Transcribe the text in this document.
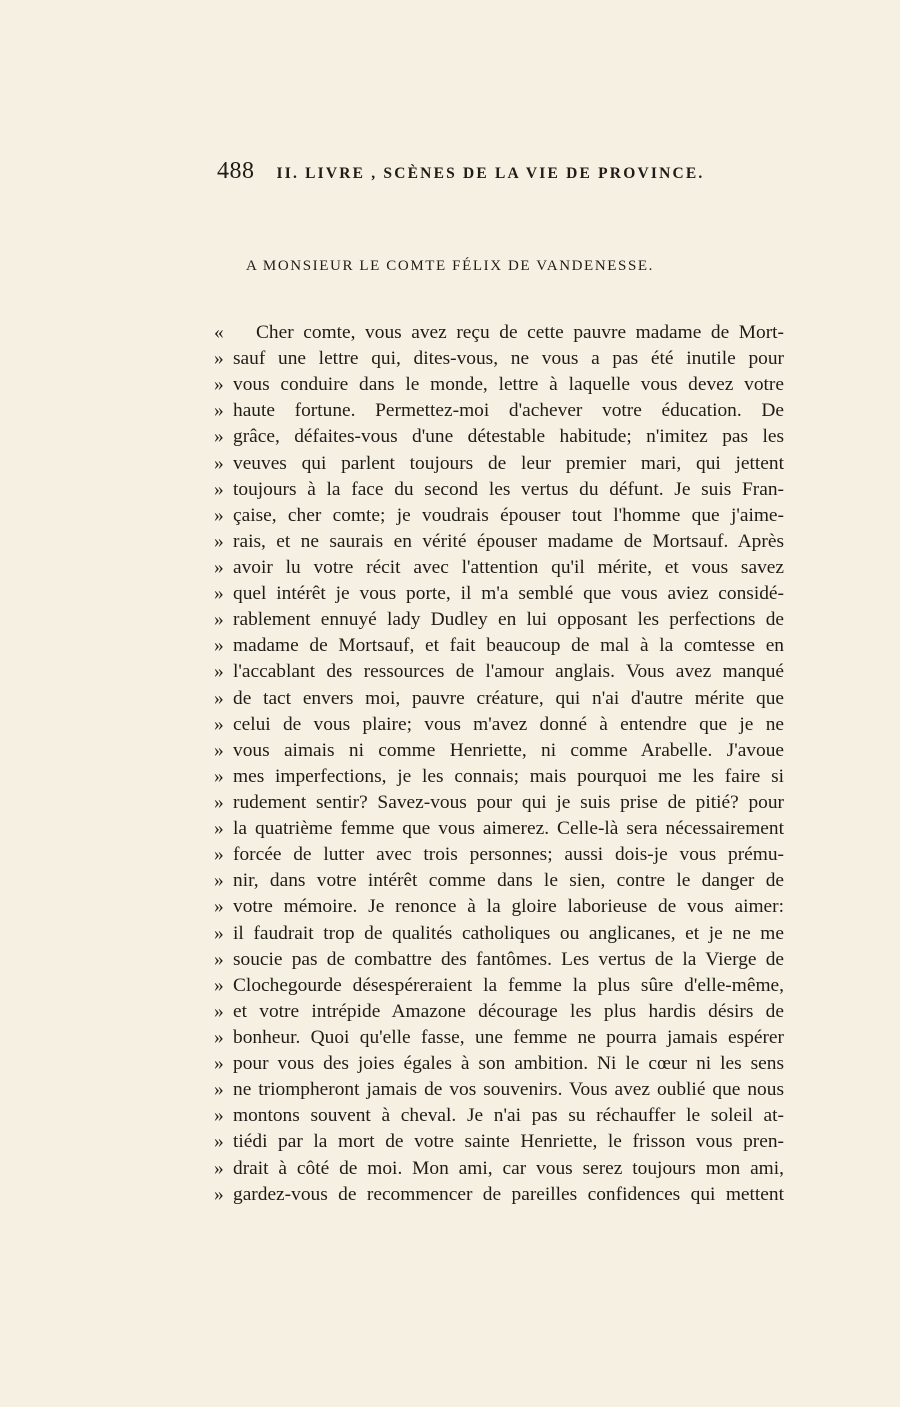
488 II. LIVRE , SCÈNES DE LA VIE DE PROVINCE.
A MONSIEUR LE COMTE FÉLIX DE VANDENESSE.
«	Cher comte, vous avez reçu de cette pauvre madame de Mort-
» sauf une lettre qui, dites-vous, ne vous a pas été inutile pour
» vous conduire dans le monde, lettre à laquelle vous devez votre
» haute fortune. Permettez-moi d'achever votre éducation. De
» grâce, défaites-vous d'une détestable habitude; n'imitez pas les
» veuves qui parlent toujours de leur premier mari, qui jettent
» toujours à la face du second les vertus du défunt. Je suis Fran-
» çaise, cher comte; je voudrais épouser tout l'homme que j'aime-
» rais, et ne saurais en vérité épouser madame de Mortsauf. Après
» avoir lu votre récit avec l'attention qu'il mérite, et vous savez
» quel intérêt je vous porte, il m'a semblé que vous aviez considé-
» rablement ennuyé lady Dudley en lui opposant les perfections de
» madame de Mortsauf, et fait beaucoup de mal à la comtesse en
» l'accablant des ressources de l'amour anglais. Vous avez manqué
» de tact envers moi, pauvre créature, qui n'ai d'autre mérite que
» celui de vous plaire; vous m'avez donné à entendre que je ne
» vous aimais ni comme Henriette, ni comme Arabelle. J'avoue
» mes imperfections, je les connais; mais pourquoi me les faire si
» rudement sentir? Savez-vous pour qui je suis prise de pitié? pour
» la quatrième femme que vous aimerez. Celle-là sera nécessairement
» forcée de lutter avec trois personnes; aussi dois-je vous prému-
» nir, dans votre intérêt comme dans le sien, contre le danger de
» votre mémoire. Je renonce à la gloire laborieuse de vous aimer:
» il faudrait trop de qualités catholiques ou anglicanes, et je ne me
» soucie pas de combattre des fantômes. Les vertus de la Vierge de
» Clochegourde désespéreraient la femme la plus sûre d'elle-même,
» et votre intrépide Amazone décourage les plus hardis désirs de
» bonheur. Quoi qu'elle fasse, une femme ne pourra jamais espérer
» pour vous des joies égales à son ambition. Ni le cœur ni les sens
» ne triompheront jamais de vos souvenirs. Vous avez oublié que nous
» montons souvent à cheval. Je n'ai pas su réchauffer le soleil at-
» tiédi par la mort de votre sainte Henriette, le frisson vous pren-
» drait à côté de moi. Mon ami, car vous serez toujours mon ami,
» gardez-vous de recommencer de pareilles confidences qui mettent
